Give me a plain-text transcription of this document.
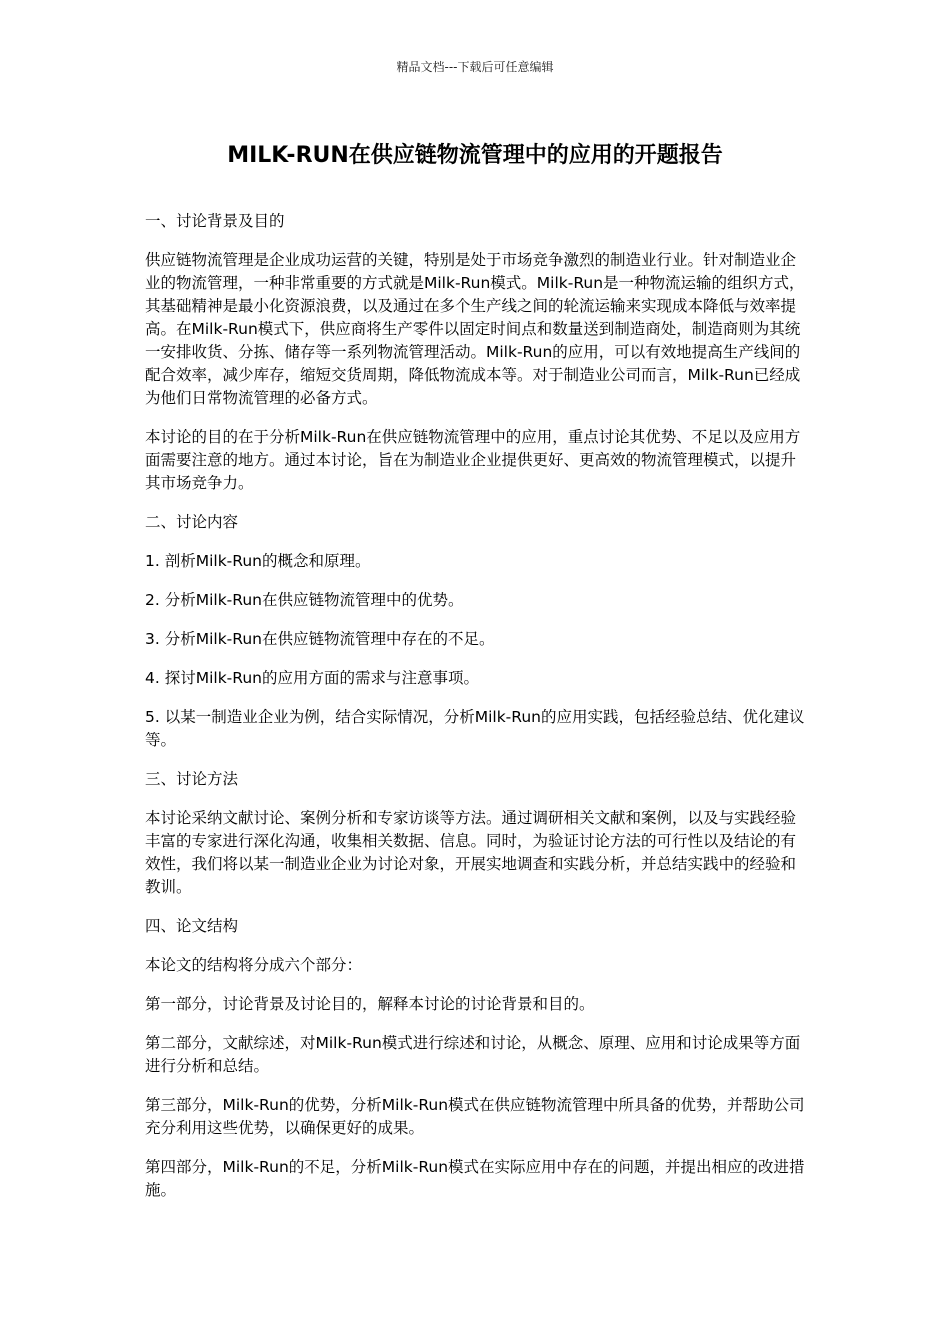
精品文档---下载后可任意编辑
MILK-RUN在供应链物流管理中的应用的开题报告

一、讨论背景及目的

供应链物流管理是企业成功运营的关键，特别是处于市场竞争激烈的制造业行业。针对制造业企业的物流管理，一种非常重要的方式就是Milk-Run模式。Milk-Run是一种物流运输的组织方式，其基础精神是最小化资源浪费，以及通过在多个生产线之间的轮流运输来实现成本降低与效率提高。在Milk-Run模式下，供应商将生产零件以固定时间点和数量送到制造商处，制造商则为其统一安排收货、分拣、储存等一系列物流管理活动。Milk-Run的应用，可以有效地提高生产线间的配合效率，减少库存，缩短交货周期，降低物流成本等。对于制造业公司而言，Milk-Run已经成为他们日常物流管理的必备方式。

本讨论的目的在于分析Milk-Run在供应链物流管理中的应用，重点讨论其优势、不足以及应用方面需要注意的地方。通过本讨论，旨在为制造业企业提供更好、更高效的物流管理模式，以提升其市场竞争力。

二、讨论内容

1. 剖析Milk-Run的概念和原理。

2. 分析Milk-Run在供应链物流管理中的优势。

3. 分析Milk-Run在供应链物流管理中存在的不足。

4. 探讨Milk-Run的应用方面的需求与注意事项。

5. 以某一制造业企业为例，结合实际情况，分析Milk-Run的应用实践，包括经验总结、优化建议等。

三、讨论方法

本讨论采纳文献讨论、案例分析和专家访谈等方法。通过调研相关文献和案例，以及与实践经验丰富的专家进行深化沟通，收集相关数据、信息。同时，为验证讨论方法的可行性以及结论的有效性，我们将以某一制造业企业为讨论对象，开展实地调查和实践分析，并总结实践中的经验和教训。

四、论文结构

本论文的结构将分成六个部分：

第一部分，讨论背景及讨论目的，解释本讨论的讨论背景和目的。

第二部分，文献综述，对Milk-Run模式进行综述和讨论，从概念、原理、应用和讨论成果等方面进行分析和总结。

第三部分，Milk-Run的优势，分析Milk-Run模式在供应链物流管理中所具备的优势，并帮助公司充分利用这些优势，以确保更好的成果。

第四部分，Milk-Run的不足，分析Milk-Run模式在实际应用中存在的问题，并提出相应的改进措施。
